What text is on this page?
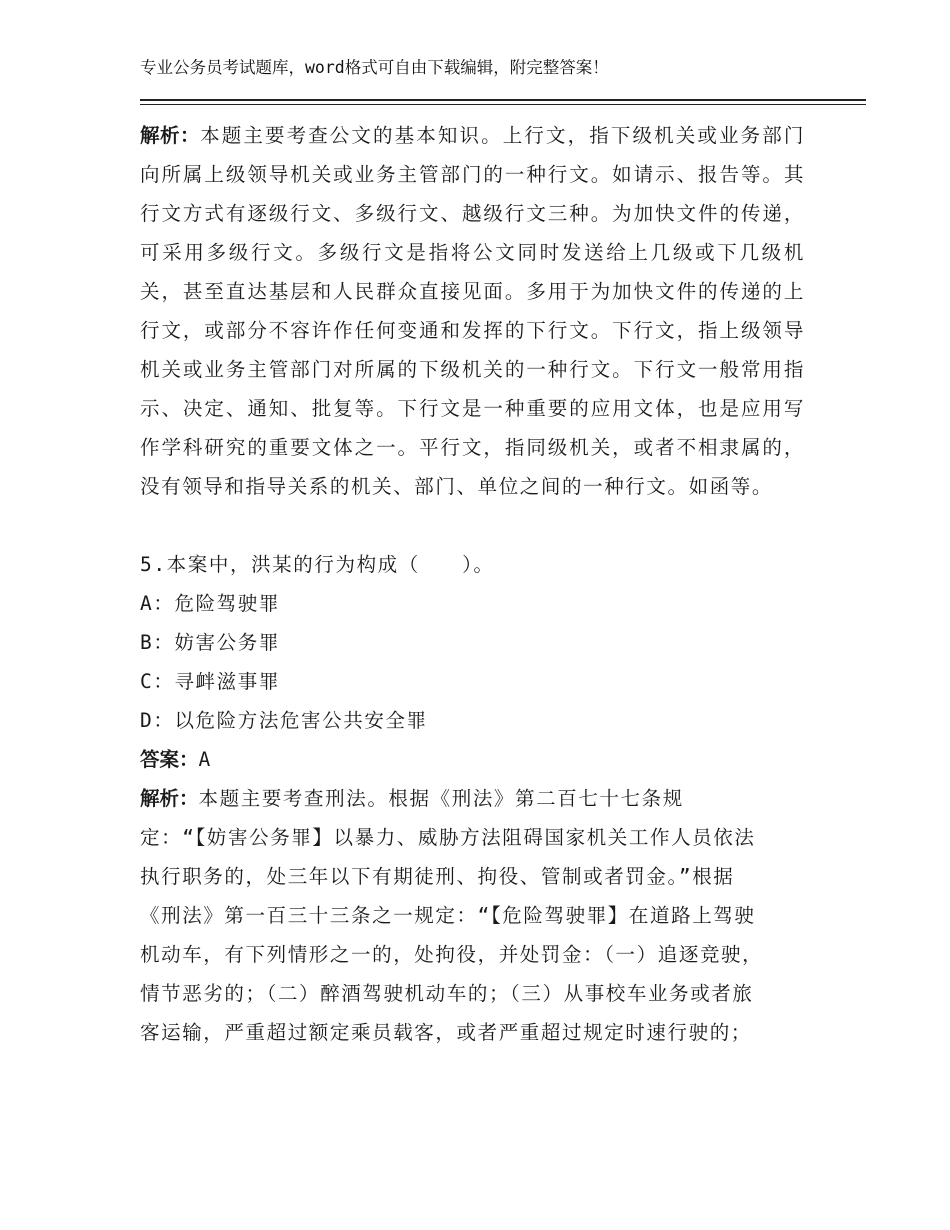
专业公务员考试题库，word格式可自由下载编辑，附完整答案！

解析：本题主要考查公文的基本知识。上行文，指下级机关或业务部门向所属上级领导机关或业务主管部门的一种行文。如请示、报告等。其行文方式有逐级行文、多级行文、越级行文三种。为加快文件的传递，可采用多级行文。多级行文是指将公文同时发送给上几级或下几级机关，甚至直达基层和人民群众直接见面。多用于为加快文件的传递的上行文，或部分不容许作任何变通和发挥的下行文。下行文，指上级领导机关或业务主管部门对所属的下级机关的一种行文。下行文一般常用指示、决定、通知、批复等。下行文是一种重要的应用文体，也是应用写作学科研究的重要文体之一。平行文，指同级机关，或者不相隶属的，没有领导和指导关系的机关、部门、单位之间的一种行文。如函等。

5.本案中，洪某的行为构成（　　）。

A：危险驾驶罪

B：妨害公务罪

C：寻衅滋事罪

D：以危险方法危害公共安全罪

答案：A

解析：本题主要考查刑法。根据《刑法》第二百七十七条规

定：“【妨害公务罪】以暴力、威胁方法阻碍国家机关工作人员依法

执行职务的，处三年以下有期徒刑、拘役、管制或者罚金。”根据

《刑法》第一百三十三条之一规定：“【危险驾驶罪】在道路上驾驶

机动车，有下列情形之一的，处拘役，并处罚金：（一）追逐竞驶，

情节恶劣的；（二）醉酒驾驶机动车的；（三）从事校车业务或者旅

客运输，严重超过额定乘员载客，或者严重超过规定时速行驶的；
